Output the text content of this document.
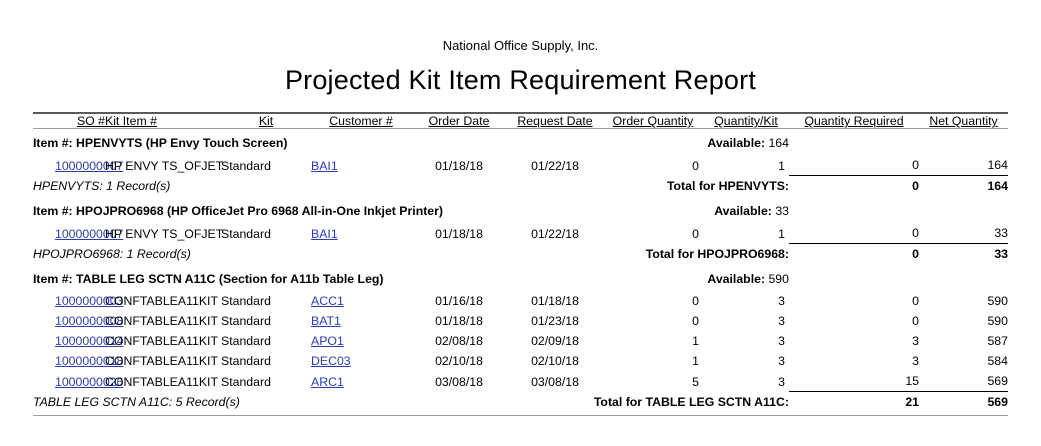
National Office Supply, Inc.
Projected Kit Item Requirement Report
SO #	Kit Item #	Kit	Customer #	Order Date	Request Date	Order Quantity	Quantity/Kit	Quantity Required	Net Quantity
Item #: HPENVYTS (HP Envy Touch Screen)						Available: 164			
1000000007	HP ENVY TS_OFJET	Standard	BAI1	01/18/18	01/22/18	0	1	0	164
HPENVYTS: 1 Record(s)					Total for HPENVYTS:			0	164
Item #: HPOJPRO6968 (HP OfficeJet Pro 6968 All-in-One Inkjet Printer)						Available: 33			
1000000007	HP ENVY TS_OFJET	Standard	BAI1	01/18/18	01/22/18	0	1	0	33
HPOJPRO6968: 1 Record(s)					Total for HPOJPRO6968:			0	33
Item #: TABLE LEG SCTN A11C (Section for A11b Table Leg)						Available: 590			
1000000003	CONFTABLEA11KIT	Standard	ACC1	01/16/18	01/18/18	0	3	0	590
1000000008	CONFTABLEA11KIT	Standard	BAT1	01/18/18	01/23/18	0	3	0	590
1000000014	CONFTABLEA11KIT	Standard	APO1	02/08/18	02/09/18	1	3	3	587
1000000018	CONFTABLEA11KIT	Standard	DEC03	02/10/18	02/10/18	1	3	3	584
1000000026	CONFTABLEA11KIT	Standard	ARC1	03/08/18	03/08/18	5	3	15	569
TABLE LEG SCTN A11C: 5 Record(s)					Total for TABLE LEG SCTN A11C:			21	569
